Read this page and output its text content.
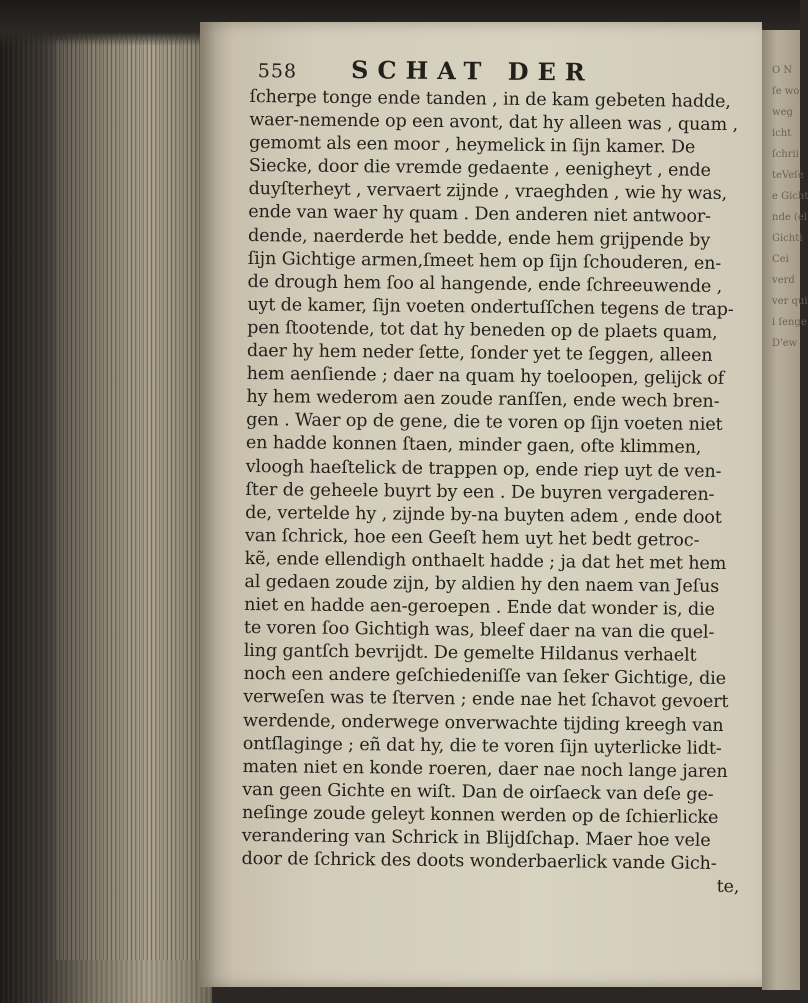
O N
ſe wo
weg
icht
ſchrii
teVeſe
e Gicht
nde (el
Gichti
Cei
verd
ver qui
i ſenge
D'ew
558 SCHAT DER
ſcherpe tonge ende tanden , in de kam gebeten hadde,
waer-nemende op een avont, dat hy alleen was , quam ,
gemomt als een moor , heymelick in ſijn kamer. De
Siecke, door die vremde gedaente , eenigheyt , ende
duyſterheyt , vervaert zijnde , vraeghden , wie hy was,
ende van waer hy quam . Den anderen niet antwoor-
dende, naerderde het bedde, ende hem grijpende by
ſijn Gichtige armen,ſmeet hem op ſijn ſchouderen, en-
de drough hem ſoo al hangende, ende ſchreeuwende ,
uyt de kamer, ſijn voeten ondertuſſchen tegens de trap-
pen ſtootende, tot dat hy beneden op de plaets quam,
daer hy hem neder ſette, ſonder yet te ſeggen, alleen
hem aenſiende ; daer na quam hy toeloopen, gelijck of
hy hem wederom aen zoude ranſſen, ende wech bren-
gen . Waer op de gene, die te voren op ſijn voeten niet
en hadde konnen ſtaen, minder gaen, ofte klimmen,
vloogh haeſtelick de trappen op, ende riep uyt de ven-
ſter de geheele buyrt by een . De buyren vergaderen-
de, vertelde hy , zijnde by-na buyten adem , ende doot
van ſchrick, hoe een Geeſt hem uyt het bedt getroc-
kẽ, ende ellendigh onthaelt hadde ; ja dat het met hem
al gedaen zoude zijn, by aldien hy den naem van Jeſus
niet en hadde aen-geroepen . Ende dat wonder is, die
te voren ſoo Gichtigh was, bleef daer na van die quel-
ling gantſch bevrijdt. De gemelte Hildanus verhaelt
noch een andere geſchiedeniſſe van ſeker Gichtige, die
verweſen was te ſterven ; ende nae het ſchavot gevoert
werdende, onderwege onverwachte tijding kreegh van
ontſlaginge ; eñ dat hy, die te voren ſijn uyterlicke lidt-
maten niet en konde roeren, daer nae noch lange jaren
van geen Gichte en wiſt. Dan de oirſaeck van deſe ge-
neſinge zoude geleyt konnen werden op de ſchierlicke
verandering van Schrick in Blijdſchap. Maer hoe vele
door de ſchrick des doots wonderbaerlick vande Gich-
te,
